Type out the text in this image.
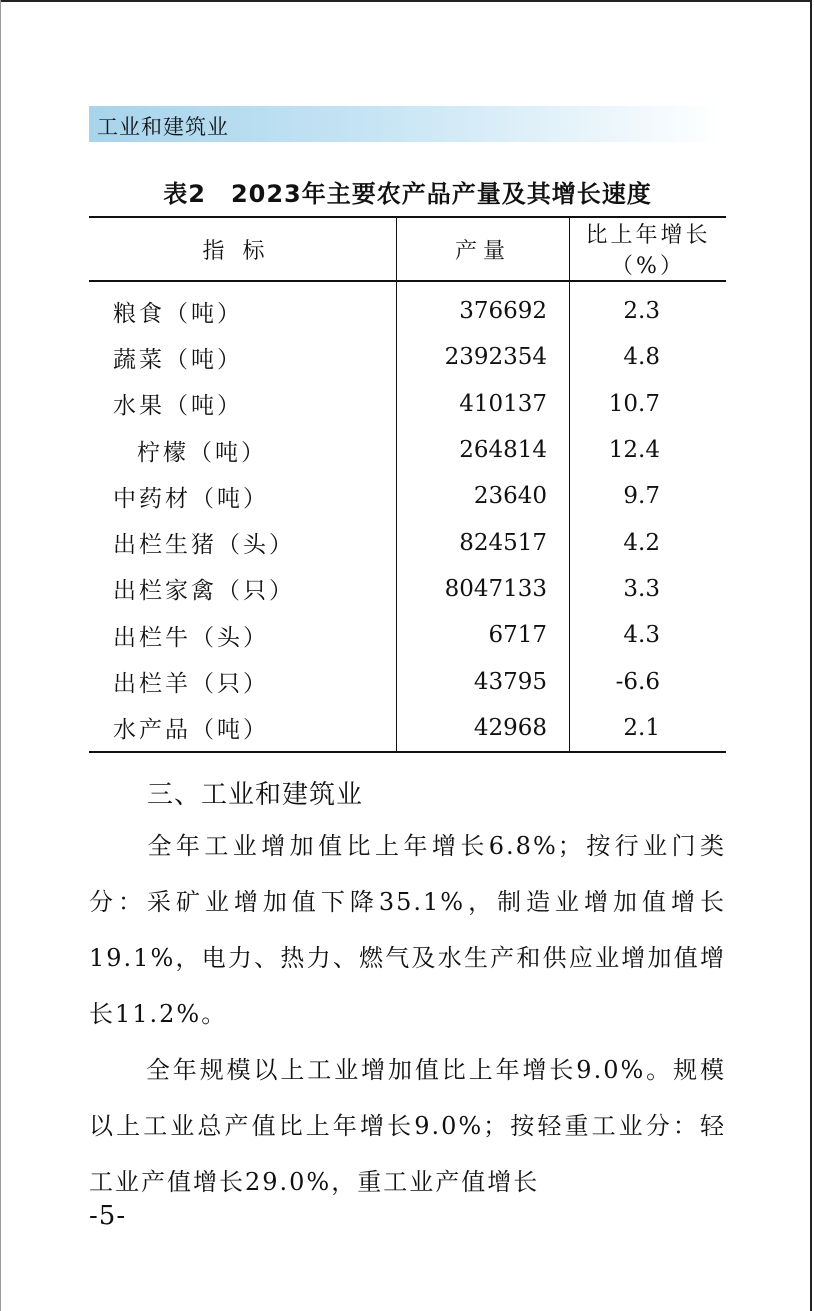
工业和建筑业
表2　2023年主要农产品产量及其增长速度
指标	产量	比上年增长（%）
粮食（吨）	376692	2.3
蔬菜（吨）	2392354	4.8
水果（吨）	410137	10.7
柠檬（吨）	264814	12.4
中药材（吨）	23640	9.7
出栏生猪（头）	824517	4.2
出栏家禽（只）	8047133	3.3
出栏牛（头）	6717	4.3
出栏羊（只）	43795	-6.6
水产品（吨）	42968	2.1
三、工业和建筑业

全年工业增加值比上年增长6.8%；按行业门类分：采矿业增加值下降35.1%，制造业增加值增长19.1%，电力、热力、燃气及水生产和供应业增加值增长11.2%。

全年规模以上工业增加值比上年增长9.0%。规模以上工业总产值比上年增长9.0%；按轻重工业分：轻工业产值增长29.0%，重工业产值增长

-5-
